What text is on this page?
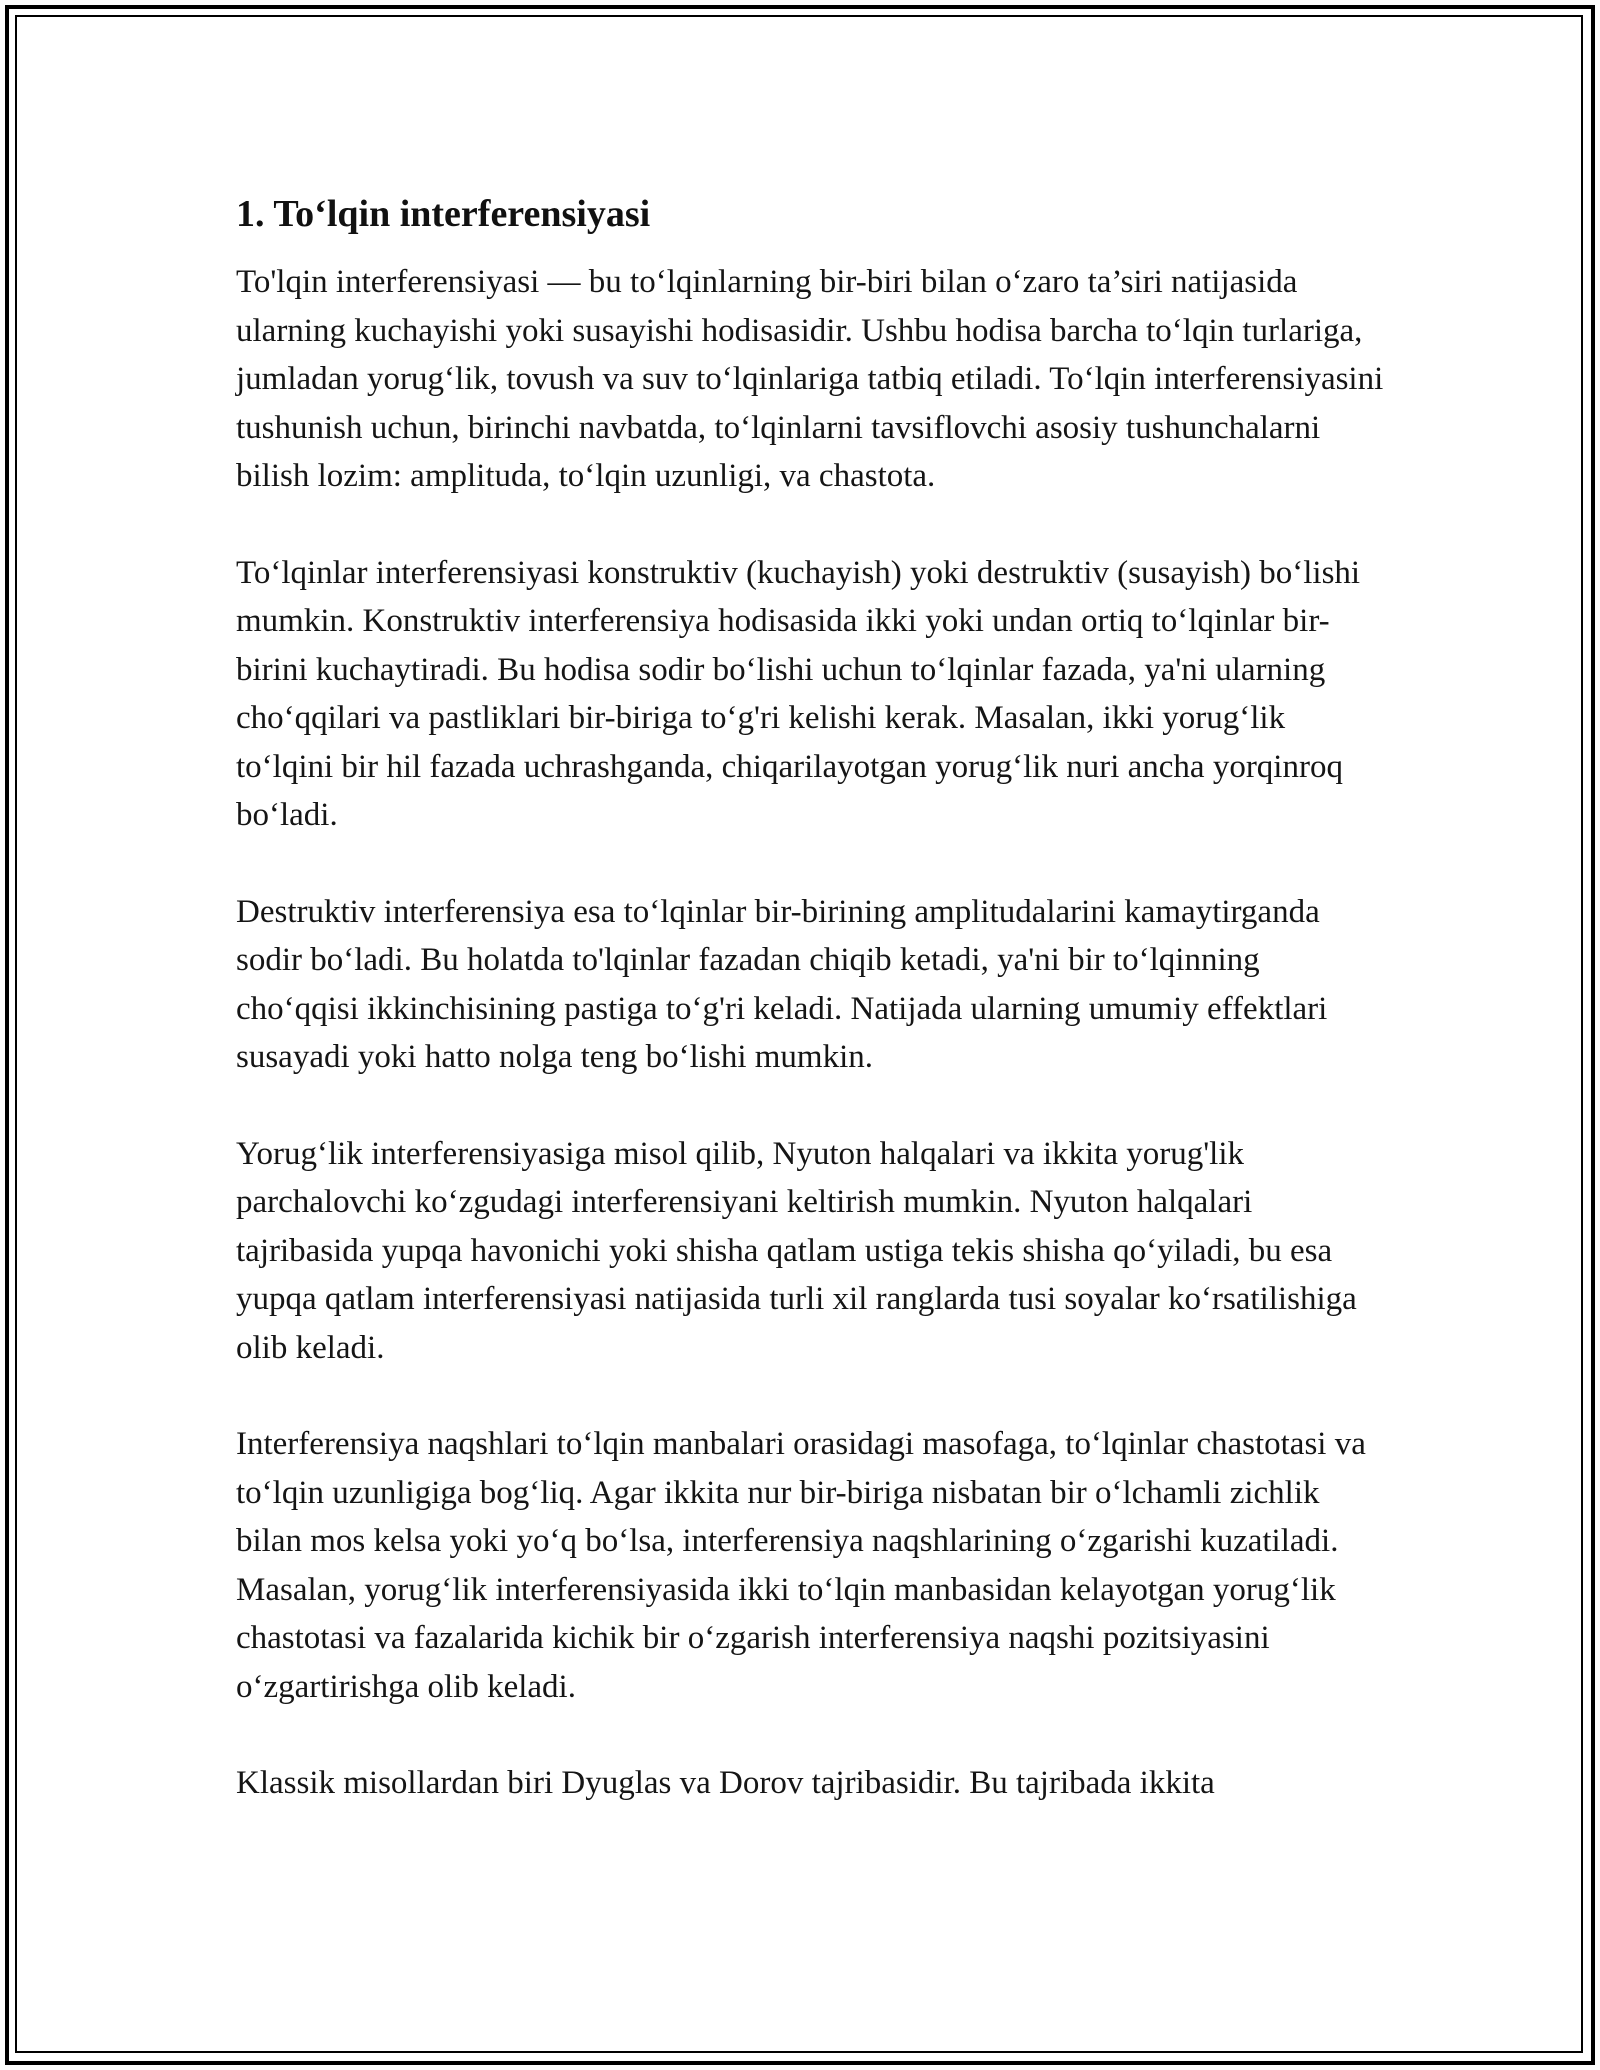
1. To‘lqin interferensiyasi

To'lqin interferensiyasi — bu to‘lqinlarning bir-biri bilan o‘zaro ta’siri natijasida ularning kuchayishi yoki susayishi hodisasidir. Ushbu hodisa barcha to‘lqin turlariga, jumladan yorug‘lik, tovush va suv to‘lqinlariga tatbiq etiladi. To‘lqin interferensiyasini tushunish uchun, birinchi navbatda, to‘lqinlarni tavsiflovchi asosiy tushunchalarni bilish lozim: amplituda, to‘lqin uzunligi, va chastota.

To‘lqinlar interferensiyasi konstruktiv (kuchayish) yoki destruktiv (susayish) bo‘lishi mumkin. Konstruktiv interferensiya hodisasida ikki yoki undan ortiq to‘lqinlar bir-birini kuchaytiradi. Bu hodisa sodir bo‘lishi uchun to‘lqinlar fazada, ya'ni ularning cho‘qqilari va pastliklari bir-biriga to‘g'ri kelishi kerak. Masalan, ikki yorug‘lik to‘lqini bir hil fazada uchrashganda, chiqarilayotgan yorug‘lik nuri ancha yorqinroq bo‘ladi.

Destruktiv interferensiya esa to‘lqinlar bir-birining amplitudalarini kamaytirganda sodir bo‘ladi. Bu holatda to'lqinlar fazadan chiqib ketadi, ya'ni bir to‘lqinning cho‘qqisi ikkinchisining pastiga to‘g'ri keladi. Natijada ularning umumiy effektlari susayadi yoki hatto nolga teng bo‘lishi mumkin.

Yorug‘lik interferensiyasiga misol qilib, Nyuton halqalari va ikkita yorug'lik parchalovchi ko‘zgudagi interferensiyani keltirish mumkin. Nyuton halqalari tajribasida yupqa havonichi yoki shisha qatlam ustiga tekis shisha qo‘yiladi, bu esa yupqa qatlam interferensiyasi natijasida turli xil ranglarda tusi soyalar ko‘rsatilishiga olib keladi.

Interferensiya naqshlari to‘lqin manbalari orasidagi masofaga, to‘lqinlar chastotasi va to‘lqin uzunligiga bog‘liq. Agar ikkita nur bir-biriga nisbatan bir o‘lchamli zichlik bilan mos kelsa yoki yo‘q bo‘lsa, interferensiya naqshlarining o‘zgarishi kuzatiladi. Masalan, yorug‘lik interferensiyasida ikki to‘lqin manbasidan kelayotgan yorug‘lik chastotasi va fazalarida kichik bir o‘zgarish interferensiya naqshi pozitsiyasini o‘zgartirishga olib keladi.

Klassik misollardan biri Dyuglas va Dorov tajribasidir. Bu tajribada ikkita
